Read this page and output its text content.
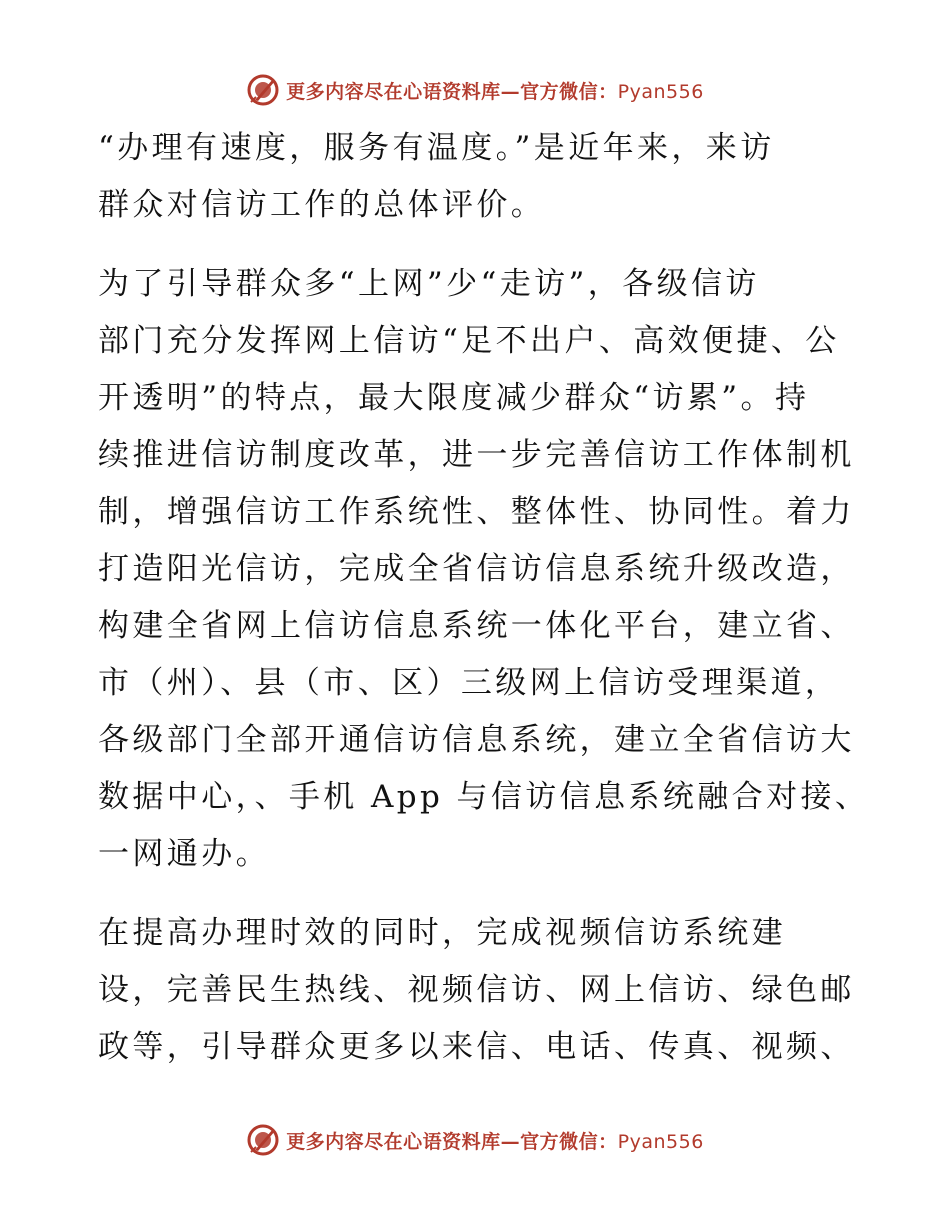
更多内容尽在心语资料库—官方微信：Pyan556

“办理有速度，服务有温度。”是近年来，来访
群众对信访工作的总体评价。

为了引导群众多“上网”少“走访”，各级信访
部门充分发挥网上信访“足不出户、高效便捷、公
开透明”的特点，最大限度减少群众“访累”。持
续推进信访制度改革，进一步完善信访工作体制机
制，增强信访工作系统性、整体性、协同性。着力
打造阳光信访，完成全省信访信息系统升级改造，
构建全省网上信访信息系统一体化平台，建立省、
市（州）、县（市、区）三级网上信访受理渠道，
各级部门全部开通信访信息系统，建立全省信访大
数据中心，、手机 App 与信访信息系统融合对接、
一网通办。

在提高办理时效的同时，完成视频信访系统建
设，完善民生热线、视频信访、网上信访、绿色邮
政等，引导群众更多以来信、电话、传真、视频、

更多内容尽在心语资料库—官方微信：Pyan556
